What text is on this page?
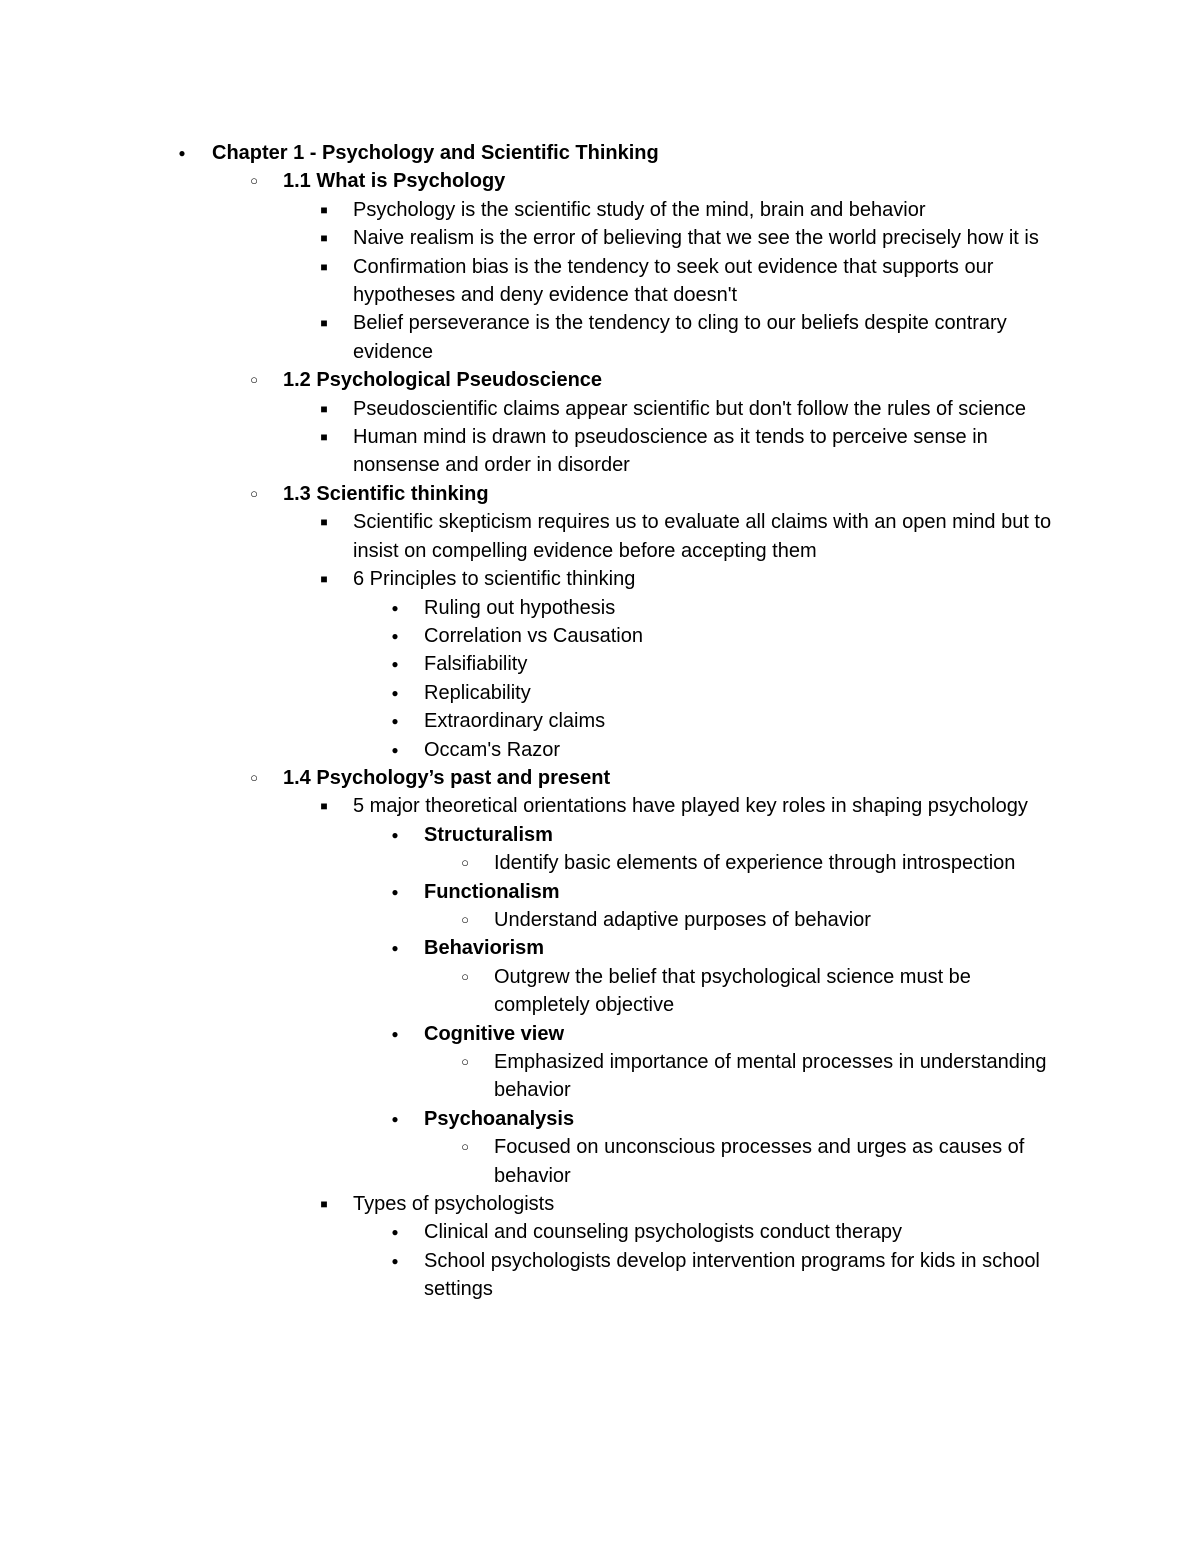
●	Chapter 1 - Psychology and Scientific Thinking
○	1.1 What is Psychology
■	Psychology is the scientific study of the mind, brain and behavior
■	Naive realism is the error of believing that we see the world precisely how it is
■	Confirmation bias is the tendency to seek out evidence that supports our hypotheses and deny evidence that doesn't
■	Belief perseverance is the tendency to cling to our beliefs despite contrary evidence
○	1.2 Psychological Pseudoscience
■	Pseudoscientific claims appear scientific but don't follow the rules of science
■	Human mind is drawn to pseudoscience as it tends to perceive sense in nonsense and order in disorder
○	1.3 Scientific thinking
■	Scientific skepticism requires us to evaluate all claims with an open mind but to insist on compelling evidence before accepting them
■	6 Principles to scientific thinking
●	Ruling out hypothesis
●	Correlation vs Causation
●	Falsifiability
●	Replicability
●	Extraordinary claims
●	Occam's Razor
○	1.4 Psychology’s past and present
■	5 major theoretical orientations have played key roles in shaping psychology
●	Structuralism
○	Identify basic elements of experience through introspection
●	Functionalism
○	Understand adaptive purposes of behavior
●	Behaviorism
○	Outgrew the belief that psychological science must be completely objective
●	Cognitive view
○	Emphasized importance of mental processes in understanding behavior
●	Psychoanalysis
○	Focused on unconscious processes and urges as causes of behavior
■	Types of psychologists
●	Clinical and counseling psychologists conduct therapy
●	School psychologists develop intervention programs for kids in school settings
